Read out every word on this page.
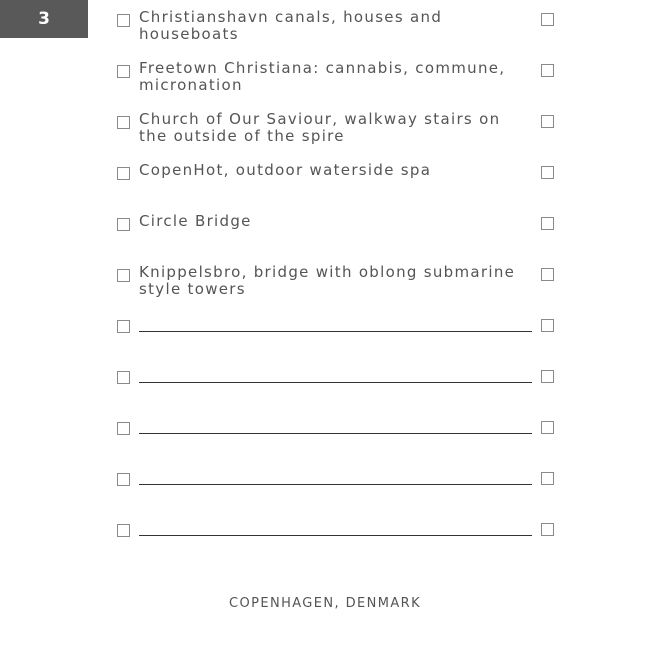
3	Christianshavn canals, houses and houseboats
Freetown Christiana: cannabis, commune, micronation
Church of Our Saviour, walkway stairs on the outside of the spire
CopenHot, outdoor waterside spa
Circle Bridge
Knippelsbro, bridge with oblong submarine style towers
COPENHAGEN, DENMARK
